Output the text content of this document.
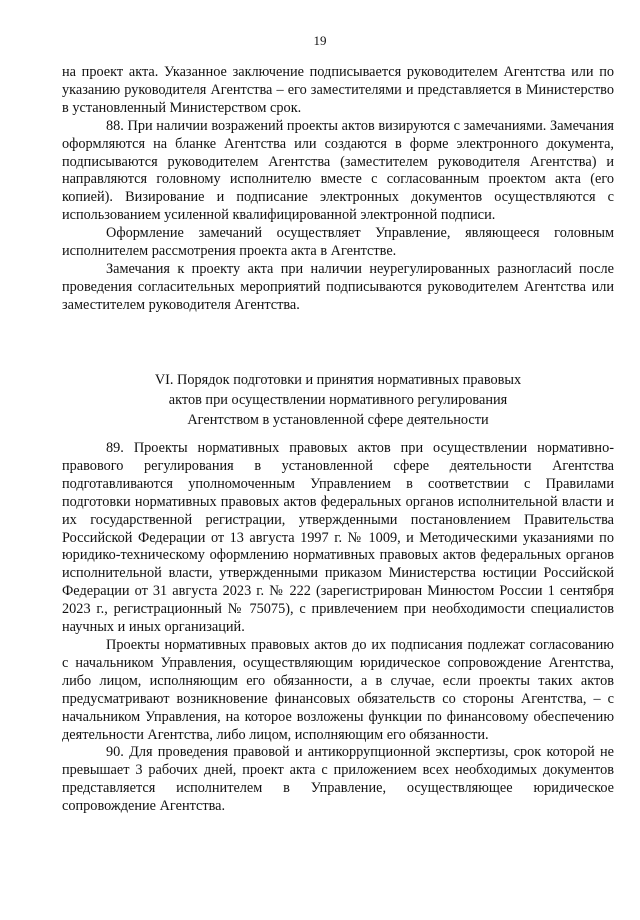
19

на проект акта. Указанное заключение подписывается руководителем Агентства или по указанию руководителя Агентства – его заместителями и представляется в Министерство в установленный Министерством срок.

88. При наличии возражений проекты актов визируются с замечаниями. Замечания оформляются на бланке Агентства или создаются в форме электронного документа, подписываются руководителем Агентства (заместителем руководителя Агентства) и направляются головному исполнителю вместе с согласованным проектом акта (его копией). Визирование и подписание электронных документов осуществляются с использованием усиленной квалифицированной электронной подписи.

Оформление замечаний осуществляет Управление, являющееся головным исполнителем рассмотрения проекта акта в Агентстве.

Замечания к проекту акта при наличии неурегулированных разногласий после проведения согласительных мероприятий подписываются руководителем Агентства или заместителем руководителя Агентства.

VI. Порядок подготовки и принятия нормативных правовых
актов при осуществлении нормативного регулирования
Агентством в установленной сфере деятельности

89. Проекты нормативных правовых актов при осуществлении нормативно-правового регулирования в установленной сфере деятельности Агентства подготавливаются уполномоченным Управлением в соответствии с Правилами подготовки нормативных правовых актов федеральных органов исполнительной власти и их государственной регистрации, утвержденными постановлением Правительства Российской Федерации от 13 августа 1997 г. № 1009, и Методическими указаниями по юридико-техническому оформлению нормативных правовых актов федеральных органов исполнительной власти, утвержденными приказом Министерства юстиции Российской Федерации от 31 августа 2023 г. № 222 (зарегистрирован Минюстом России 1 сентября 2023 г., регистрационный № 75075), с привлечением при необходимости специалистов научных и иных организаций.

Проекты нормативных правовых актов до их подписания подлежат согласованию с начальником Управления, осуществляющим юридическое сопровождение Агентства, либо лицом, исполняющим его обязанности, а в случае, если проекты таких актов предусматривают возникновение финансовых обязательств со стороны Агентства, – с начальником Управления, на которое возложены функции по финансовому обеспечению деятельности Агентства, либо лицом, исполняющим его обязанности.

90. Для проведения правовой и антикоррупционной экспертизы, срок которой не превышает 3 рабочих дней, проект акта с приложением всех необходимых документов представляется исполнителем в Управление, осуществляющее юридическое сопровождение Агентства.
